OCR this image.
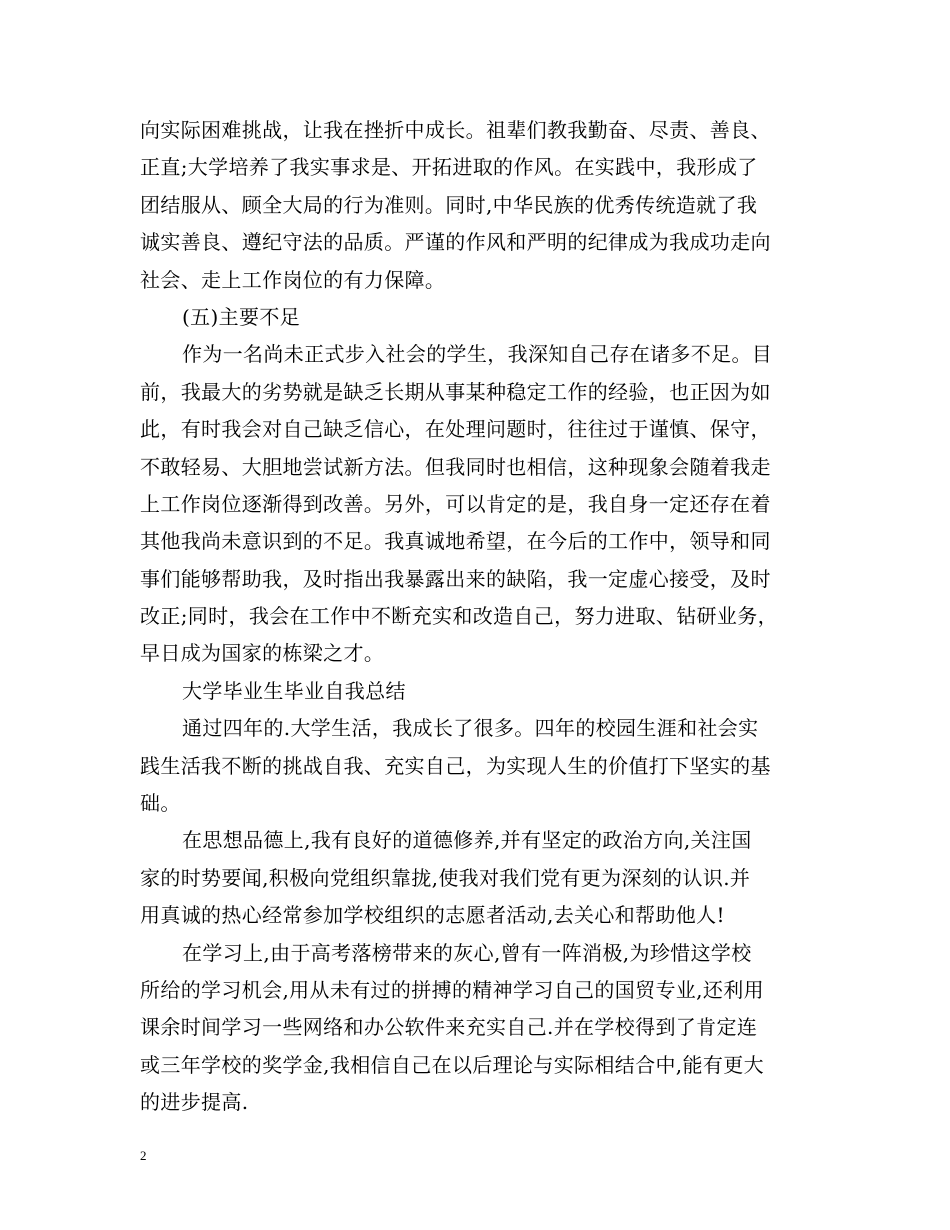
向实际困难挑战，让我在挫折中成长。祖辈们教我勤奋、尽责、善良、
正直;大学培养了我实事求是、开拓进取的作风。在实践中，我形成了
团结服从、顾全大局的行为准则。同时,中华民族的优秀传统造就了我
诚实善良、遵纪守法的品质。严谨的作风和严明的纪律成为我成功走向
社会、走上工作岗位的有力保障。
(五)主要不足
作为一名尚未正式步入社会的学生，我深知自己存在诸多不足。目
前，我最大的劣势就是缺乏长期从事某种稳定工作的经验，也正因为如
此，有时我会对自己缺乏信心，在处理问题时，往往过于谨慎、保守，
不敢轻易、大胆地尝试新方法。但我同时也相信，这种现象会随着我走
上工作岗位逐渐得到改善。另外，可以肯定的是，我自身一定还存在着
其他我尚未意识到的不足。我真诚地希望，在今后的工作中，领导和同
事们能够帮助我，及时指出我暴露出来的缺陷，我一定虚心接受，及时
改正;同时，我会在工作中不断充实和改造自己，努力进取、钻研业务，
早日成为国家的栋梁之才。
大学毕业生毕业自我总结
通过四年的.大学生活，我成长了很多。四年的校园生涯和社会实
践生活我不断的挑战自我、充实自己，为实现人生的价值打下坚实的基
础。
在思想品德上,我有良好的道德修养,并有坚定的政治方向,关注国
家的时势要闻,积极向党组织靠拢,使我对我们党有更为深刻的认识.并
用真诚的热心经常参加学校组织的志愿者活动,去关心和帮助他人!
在学习上,由于高考落榜带来的灰心,曾有一阵消极,为珍惜这学校
所给的学习机会,用从未有过的拼搏的精神学习自己的国贸专业,还利用
课余时间学习一些网络和办公软件来充实自己.并在学校得到了肯定连
或三年学校的奖学金,我相信自己在以后理论与实际相结合中,能有更大
的进步提高.
2
